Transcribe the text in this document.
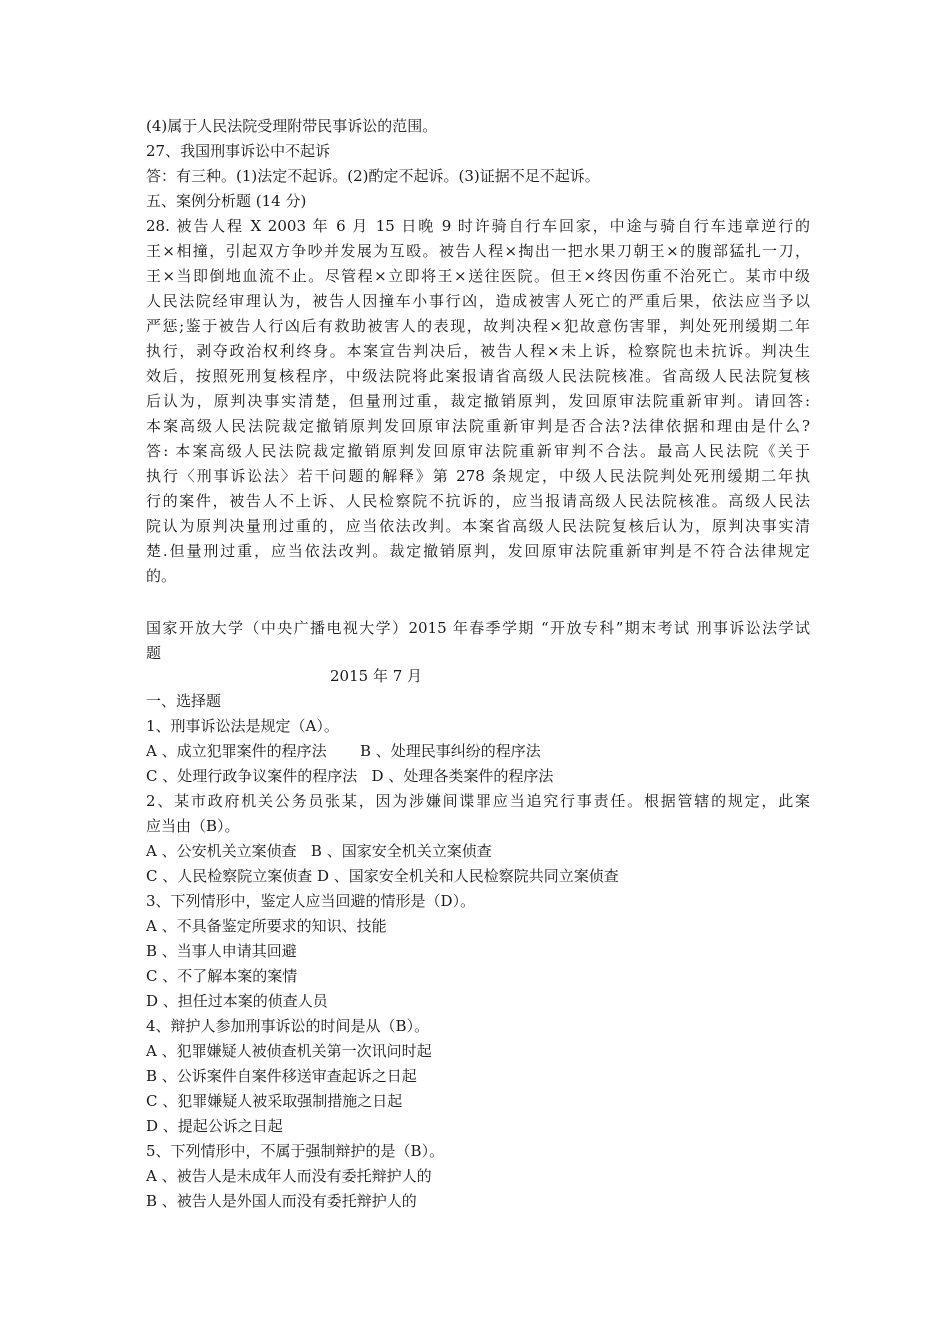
(4)属于人民法院受理附带民事诉讼的范围。
27、我国刑事诉讼中不起诉
答：有三种。(1)法定不起诉。(2)酌定不起诉。(3)证据不足不起诉。
五、案例分析题 (14 分)
28. 被告人程 X 2003 年 6 月 15 日晚 9 时许骑自行车回家，中途与骑自行车违章逆行的
王×相撞，引起双方争吵并发展为互殴。被告人程×掏出一把水果刀朝王×的腹部猛扎一刀，
王×当即倒地血流不止。尽管程×立即将王×送往医院。但王×终因伤重不治死亡。某市中级
人民法院经审理认为，被告人因撞车小事行凶，造成被害人死亡的严重后果，依法应当予以
严惩;鉴于被告人行凶后有救助被害人的表现，故判决程×犯故意伤害罪，判处死刑缓期二年
执行，剥夺政治权利终身。本案宣告判决后，被告人程×未上诉，检察院也未抗诉。判决生
效后，按照死刑复核程序，中级法院将此案报请省高级人民法院核准。省高级人民法院复核
后认为，原判决事实清楚，但量刑过重，裁定撤销原判，发回原审法院重新审判。请回答:
本案高级人民法院裁定撤销原判发回原审法院重新审判是否合法?法律依据和理由是什么?
答: 本案高级人民法院裁定撤销原判发回原审法院重新审判不合法。最高人民法院《关于
执行〈刑事诉讼法〉若干问题的解释》第 278 条规定，中级人民法院判处死刑缓期二年执
行的案件，被告人不上诉、人民检察院不抗诉的，应当报请高级人民法院核准。高级人民法
院认为原判决量刑过重的，应当依法改判。本案省高级人民法院复核后认为，原判决事实清
楚.但量刑过重，应当依法改判。裁定撤销原判，发回原审法院重新审判是不符合法律规定
的。
国家开放大学（中央广播电视大学）2015 年春季学期 “开放专科”期末考试 刑事诉讼法学试
题
2015 年 7 月
一、选择题
1、刑事诉讼法是规定（A）。
A 、成立犯罪案件的程序法       B 、处理民事纠纷的程序法
C 、处理行政争议案件的程序法   D 、处理各类案件的程序法
2、某市政府机关公务员张某，因为涉嫌间谍罪应当追究行事责任。根据管辖的规定，此案
应当由（B）。
A 、公安机关立案侦查   B 、国家安全机关立案侦查
C 、人民检察院立案侦查 D 、国家安全机关和人民检察院共同立案侦查
3、下列情形中，鉴定人应当回避的情形是（D）。
A 、不具备鉴定所要求的知识、技能
B 、当事人申请其回避
C 、不了解本案的案情
D 、担任过本案的侦查人员
4、辩护人参加刑事诉讼的时间是从（B）。
A 、犯罪嫌疑人被侦查机关第一次讯问时起
B 、公诉案件自案件移送审查起诉之日起
C 、犯罪嫌疑人被采取强制措施之日起
D 、提起公诉之日起
5、下列情形中，不属于强制辩护的是（B）。
A 、被告人是未成年人而没有委托辩护人的
B 、被告人是外国人而没有委托辩护人的
